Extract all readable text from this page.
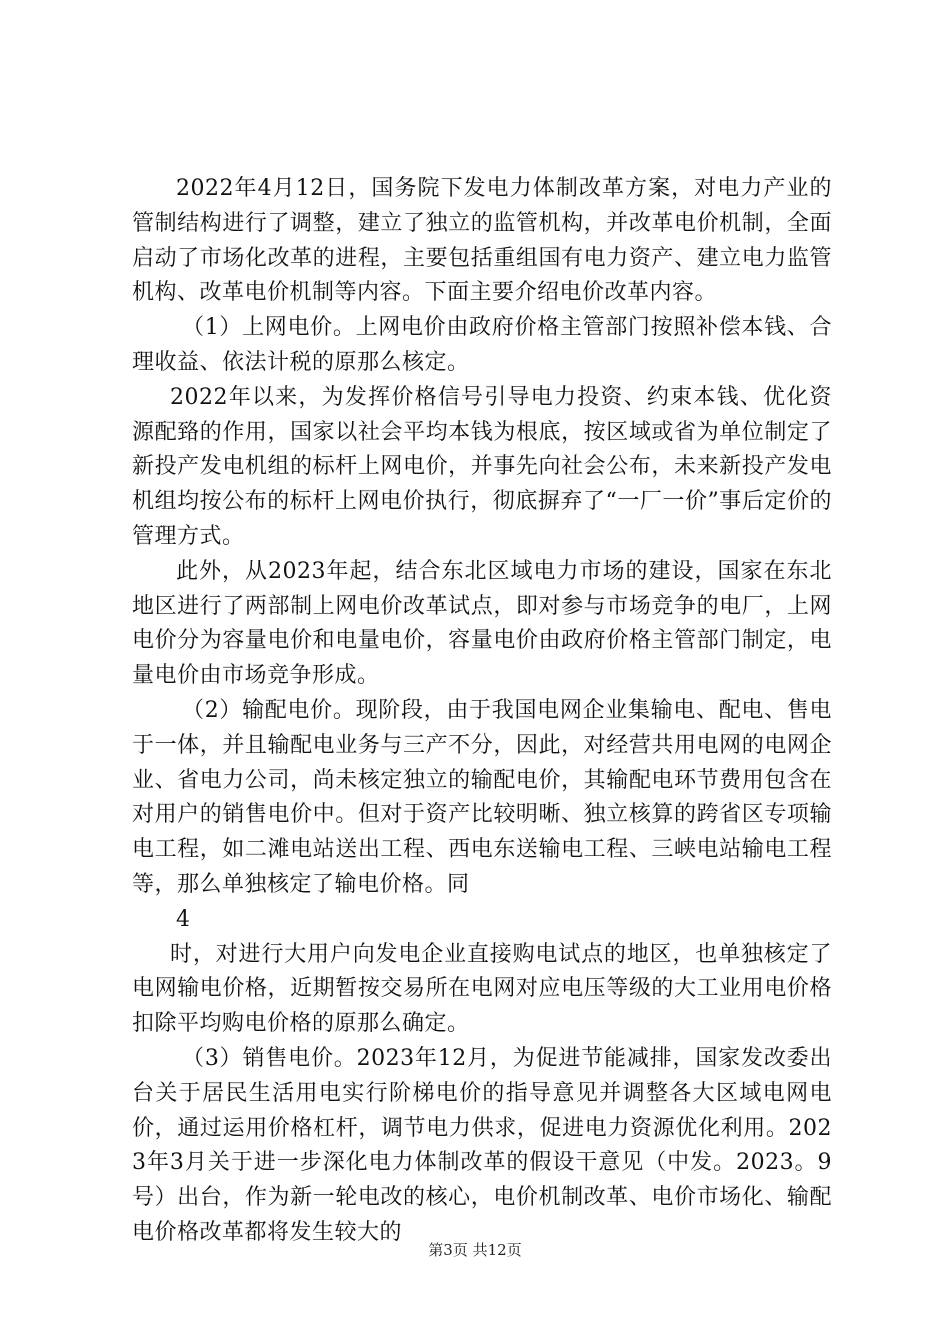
2022年4月12日，国务院下发电力体制改革方案，对电力产业的管制结构进行了调整，建立了独立的监管机构，并改革电价机制，全面启动了市场化改革的进程，主要包括重组国有电力资产、建立电力监管机构、改革电价机制等内容。下面主要介绍电价改革内容。

（1）上网电价。上网电价由政府价格主管部门按照补偿本钱、合理收益、依法计税的原那么核定。

2022年以来，为发挥价格信号引导电力投资、约束本钱、优化资源配臵的作用，国家以社会平均本钱为根底，按区域或省为单位制定了新投产发电机组的标杆上网电价，并事先向社会公布，未来新投产发电机组均按公布的标杆上网电价执行，彻底摒弃了“一厂一价”事后定价的管理方式。

此外，从2023年起，结合东北区域电力市场的建设，国家在东北地区进行了两部制上网电价改革试点，即对参与市场竞争的电厂，上网电价分为容量电价和电量电价，容量电价由政府价格主管部门制定，电量电价由市场竞争形成。

（2）输配电价。现阶段，由于我国电网企业集输电、配电、售电于一体，并且输配电业务与三产不分，因此，对经营共用电网的电网企业、省电力公司，尚未核定独立的输配电价，其输配电环节费用包含在对用户的销售电价中。但对于资产比较明晰、独立核算的跨省区专项输电工程，如二滩电站送出工程、西电东送输电工程、三峡电站输电工程等，那么单独核定了输电价格。同

4

时，对进行大用户向发电企业直接购电试点的地区，也单独核定了电网输电价格，近期暂按交易所在电网对应电压等级的大工业用电价格扣除平均购电价格的原那么确定。

（3）销售电价。2023年12月，为促进节能减排，国家发改委出台关于居民生活用电实行阶梯电价的指导意见并调整各大区域电网电价，通过运用价格杠杆，调节电力供求，促进电力资源优化利用。2023年3月关于进一步深化电力体制改革的假设干意见（中发。2023。9号）出台，作为新一轮电改的核心，电价机制改革、电价市场化、输配电价格改革都将发生较大的

第3页 共12页
